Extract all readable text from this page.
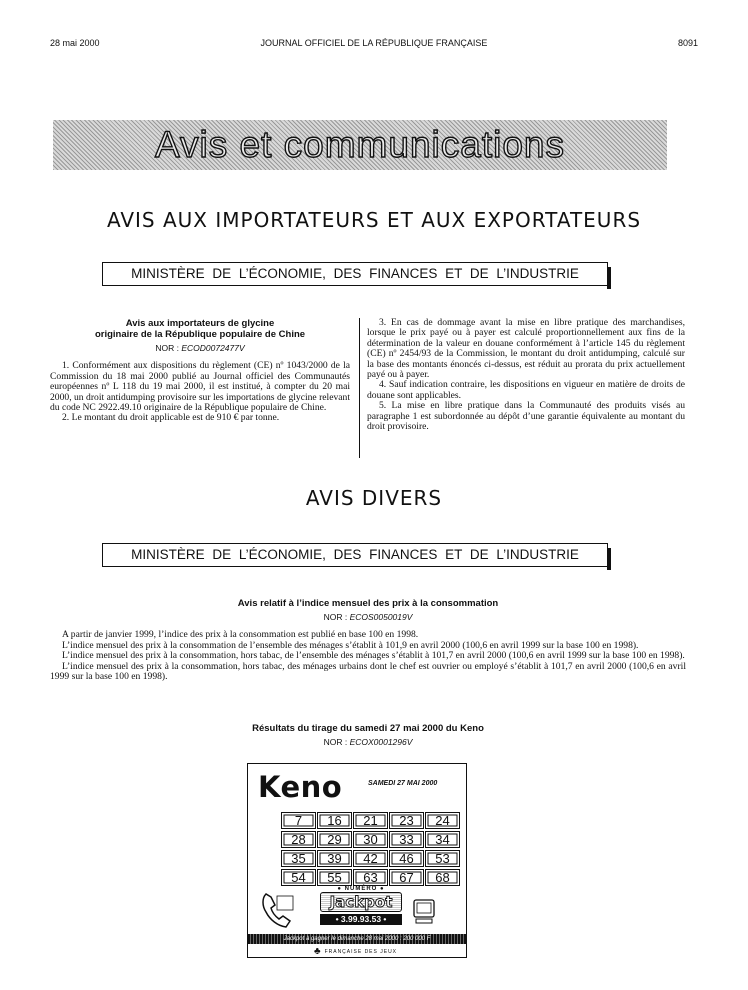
28 mai 2000	JOURNAL OFFICIEL DE LA RÉPUBLIQUE FRANÇAISE	8091
Avis et communications
AVIS AUX IMPORTATEURS ET AUX EXPORTATEURS
MINISTÈRE DE L’ÉCONOMIE, DES FINANCES ET DE L’INDUSTRIE
Avis aux importateurs de glycine
originaire de la République populaire de Chine
NOR : ECOD0072477V

1. Conformément aux dispositions du règlement (CE) nº 1043/2000 de la Commission du 18 mai 2000 publié au Journal officiel des Communautés européennes nº L 118 du 19 mai 2000, il est institué, à compter du 20 mai 2000, un droit antidumping provisoire sur les importations de glycine relevant du code NC 2922.49.10 originaire de la République populaire de Chine.

2. Le montant du droit applicable est de 910 € par tonne.

3. En cas de dommage avant la mise en libre pratique des marchandises, lorsque le prix payé ou à payer est calculé proportionnellement aux fins de la détermination de la valeur en douane conformément à l’article 145 du règlement (CE) nº 2454/93 de la Commission, le montant du droit antidumping, calculé sur la base des montants énoncés ci-dessus, est réduit au prorata du prix actuellement payé ou à payer.

4. Sauf indication contraire, les dispositions en vigueur en matière de droits de douane sont applicables.

5. La mise en libre pratique dans la Communauté des produits visés au paragraphe 1 est subordonnée au dépôt d’une garantie équivalente au montant du droit provisoire.

AVIS DIVERS
MINISTÈRE DE L’ÉCONOMIE, DES FINANCES ET DE L’INDUSTRIE
Avis relatif à l’indice mensuel des prix à la consommation
NOR : ECOS0050019V

A partir de janvier 1999, l’indice des prix à la consommation est publié en base 100 en 1998.

L’indice mensuel des prix à la consommation de l’ensemble des ménages s’établit à 101,9 en avril 2000 (100,6 en avril 1999 sur la base 100 en 1998).

L’indice mensuel des prix à la consommation, hors tabac, de l’ensemble des ménages s’établit à 101,7 en avril 2000 (100,6 en avril 1999 sur la base 100 en 1998).

L’indice mensuel des prix à la consommation, hors tabac, des ménages urbains dont le chef est ouvrier ou employé s’établit à 101,7 en avril 2000 (100,6 en avril 1999 sur la base 100 en 1998).

Résultats du tirage du samedi 27 mai 2000 du Keno
NOR : ECOX0001296V
Keno	SAMEDI 27 MAI 2000
7	16	21	23	24
28	29	30	33	34
35	39	42	46	53
54	55	63	67	68
● NUMÉRO ●
Jackpot
• 3.99.93.53 •
Jackpot à gagner le dimanche 28 mai 2000 : 200 000 F
♣ FRANÇAISE DES JEUX
